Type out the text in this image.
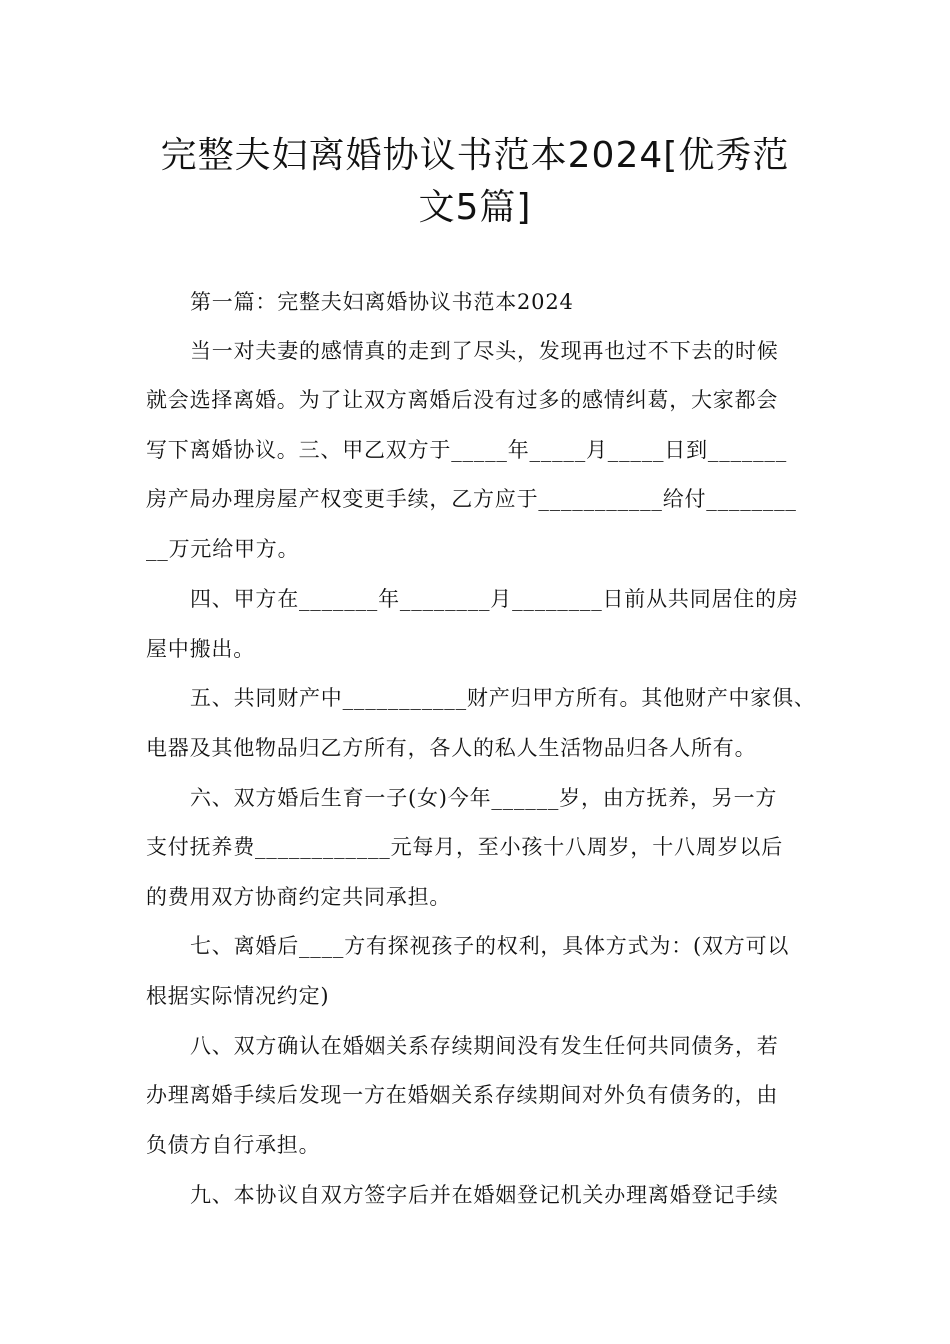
完整夫妇离婚协议书范本2024[优秀范
文5篇]
第一篇：完整夫妇离婚协议书范本2024
当一对夫妻的感情真的走到了尽头，发现再也过不下去的时候
就会选择离婚。为了让双方离婚后没有过多的感情纠葛，大家都会
写下离婚协议。三、甲乙双方于_____年_____月_____日到_______
房产局办理房屋产权变更手续，乙方应于___________给付________
__万元给甲方。
四、甲方在_______年________月________日前从共同居住的房
屋中搬出。
五、共同财产中___________财产归甲方所有。其他财产中家俱、
电器及其他物品归乙方所有，各人的私人生活物品归各人所有。
六、双方婚后生育一子(女)今年______岁，由方抚养，另一方
支付抚养费____________元每月，至小孩十八周岁，十八周岁以后
的费用双方协商约定共同承担。
七、离婚后____方有探视孩子的权利，具体方式为：(双方可以
根据实际情况约定)
八、双方确认在婚姻关系存续期间没有发生任何共同债务，若
办理离婚手续后发现一方在婚姻关系存续期间对外负有债务的，由
负债方自行承担。
九、本协议自双方签字后并在婚姻登记机关办理离婚登记手续
